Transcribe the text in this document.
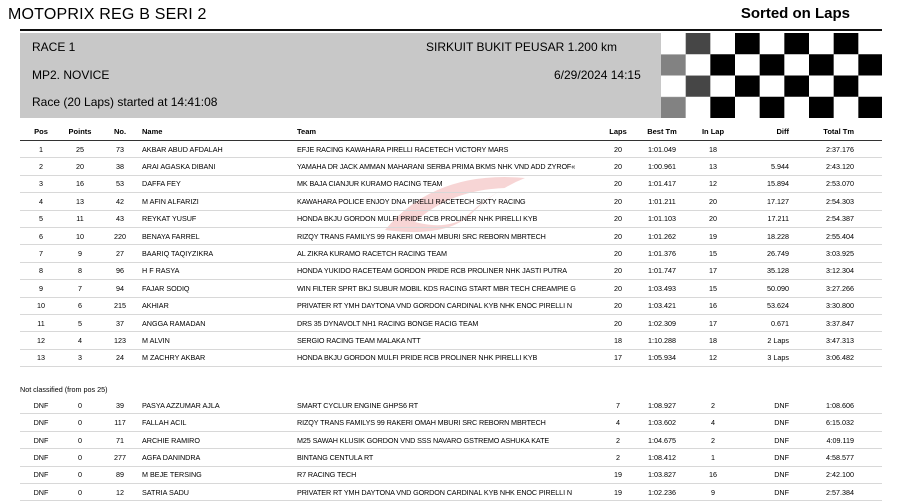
MOTOPRIX REG B SERI 2	Sorted on Laps
RACE 1	SIRKUIT BUKIT PEUSAR 1.200 km
MP2. NOVICE	6/29/2024 14:15
Race (20 Laps) started at 14:41:08
Pos	Points	No.	Name	Team	Laps	Best Tm	In Lap	Diff	Total Tm
1	25	73	AKBAR ABUD AFDALAH	EFJE RACING KAWAHARA PIRELLI RACETECH VICTORY MARS	20	1:01.049	18		2:37.176
2	20	38	ARAI AGASKA DIBANI	YAMAHA DR JACK AMMAN MAHARANI SERBA PRIMA BKMS NHK VND ADD ZYROF«	20	1:00.961	13	5.944	2:43.120
3	16	53	DAFFA FEY	MK BAJA CIANJUR KURAMO RACING TEAM	20	1:01.417	12	15.894	2:53.070
4	13	42	M AFIN ALFARIZI	KAWAHARA POLICE ENJOY DNA PIRELLI RACETECH SIXTY RACING	20	1:01.211	20	17.127	2:54.303
5	11	43	REYKAT YUSUF	HONDA BKJU GORDON MULFI PRIDE RCB PROLINER NHK PIRELLI KYB	20	1:01.103	20	17.211	2:54.387
6	10	220	BENAYA FARREL	RIZQY TRANS FAMILYS 99 RAKERI OMAH MBURI SRC REBORN MBRTECH	20	1:01.262	19	18.228	2:55.404
7	9	27	BAARIQ TAQIYZIKRA	AL ZIKRA KURAMO RACETCH RACING TEAM	20	1:01.376	15	26.749	3:03.925
8	8	96	H F RASYA	HONDA YUKIDO RACETEAM GORDON PRIDE RCB PROLINER NHK JASTI PUTRA	20	1:01.747	17	35.128	3:12.304
9	7	94	FAJAR SODIQ	WIN FILTER SPRT BKJ SUBUR MOBIL KDS RACING START MBR TECH CREAMPIE G	20	1:03.493	15	50.090	3:27.266
10	6	215	AKHIAR	PRIVATER RT YMH DAYTONA VND GORDON CARDINAL KYB NHK ENOC PIRELLI N	20	1:03.421	16	53.624	3:30.800
11	5	37	ANGGA RAMADAN	DRS 35 DYNAVOLT NH1 RACING BONGE RACIG TEAM	20	1:02.309	17	0.671	3:37.847
12	4	123	M ALVIN	SERGIO RACING TEAM MALAKA NTT	18	1:10.288	18	2 Laps	3:47.313
13	3	24	M ZACHRY AKBAR	HONDA BKJU GORDON MULFI PRIDE RCB PROLINER NHK PIRELLI KYB	17	1:05.934	12	3 Laps	3:06.482

Not classified (from pos 25)									
DNF	0	39	PASYA AZZUMAR AJLA	SMART CYCLUR ENGINE GHPS6 RT	7	1:08.927	2	DNF	1:08.606
DNF	0	117	FALLAH ACIL	RIZQY TRANS FAMILYS 99 RAKERI OMAH MBURI SRC REBORN MBRTECH	4	1:03.602	4	DNF	6:15.032
DNF	0	71	ARCHIE RAMIRO	M25 SAWAH KLUSIK GORDON VND SSS NAVARO GSTREMO ASHUKA KATE	2	1:04.675	2	DNF	4:09.119
DNF	0	277	AGFA DANINDRA	BINTANG CENTULA RT	2	1:08.412	1	DNF	4:58.577
DNF	0	89	M BEJE TERSING	R7 RACING TECH	19	1:03.827	16	DNF	2:42.100
DNF	0	12	SATRIA SADU	PRIVATER RT YMH DAYTONA VND GORDON CARDINAL KYB NHK ENOC PIRELLI N	19	1:02.236	9	DNF	2:57.384
